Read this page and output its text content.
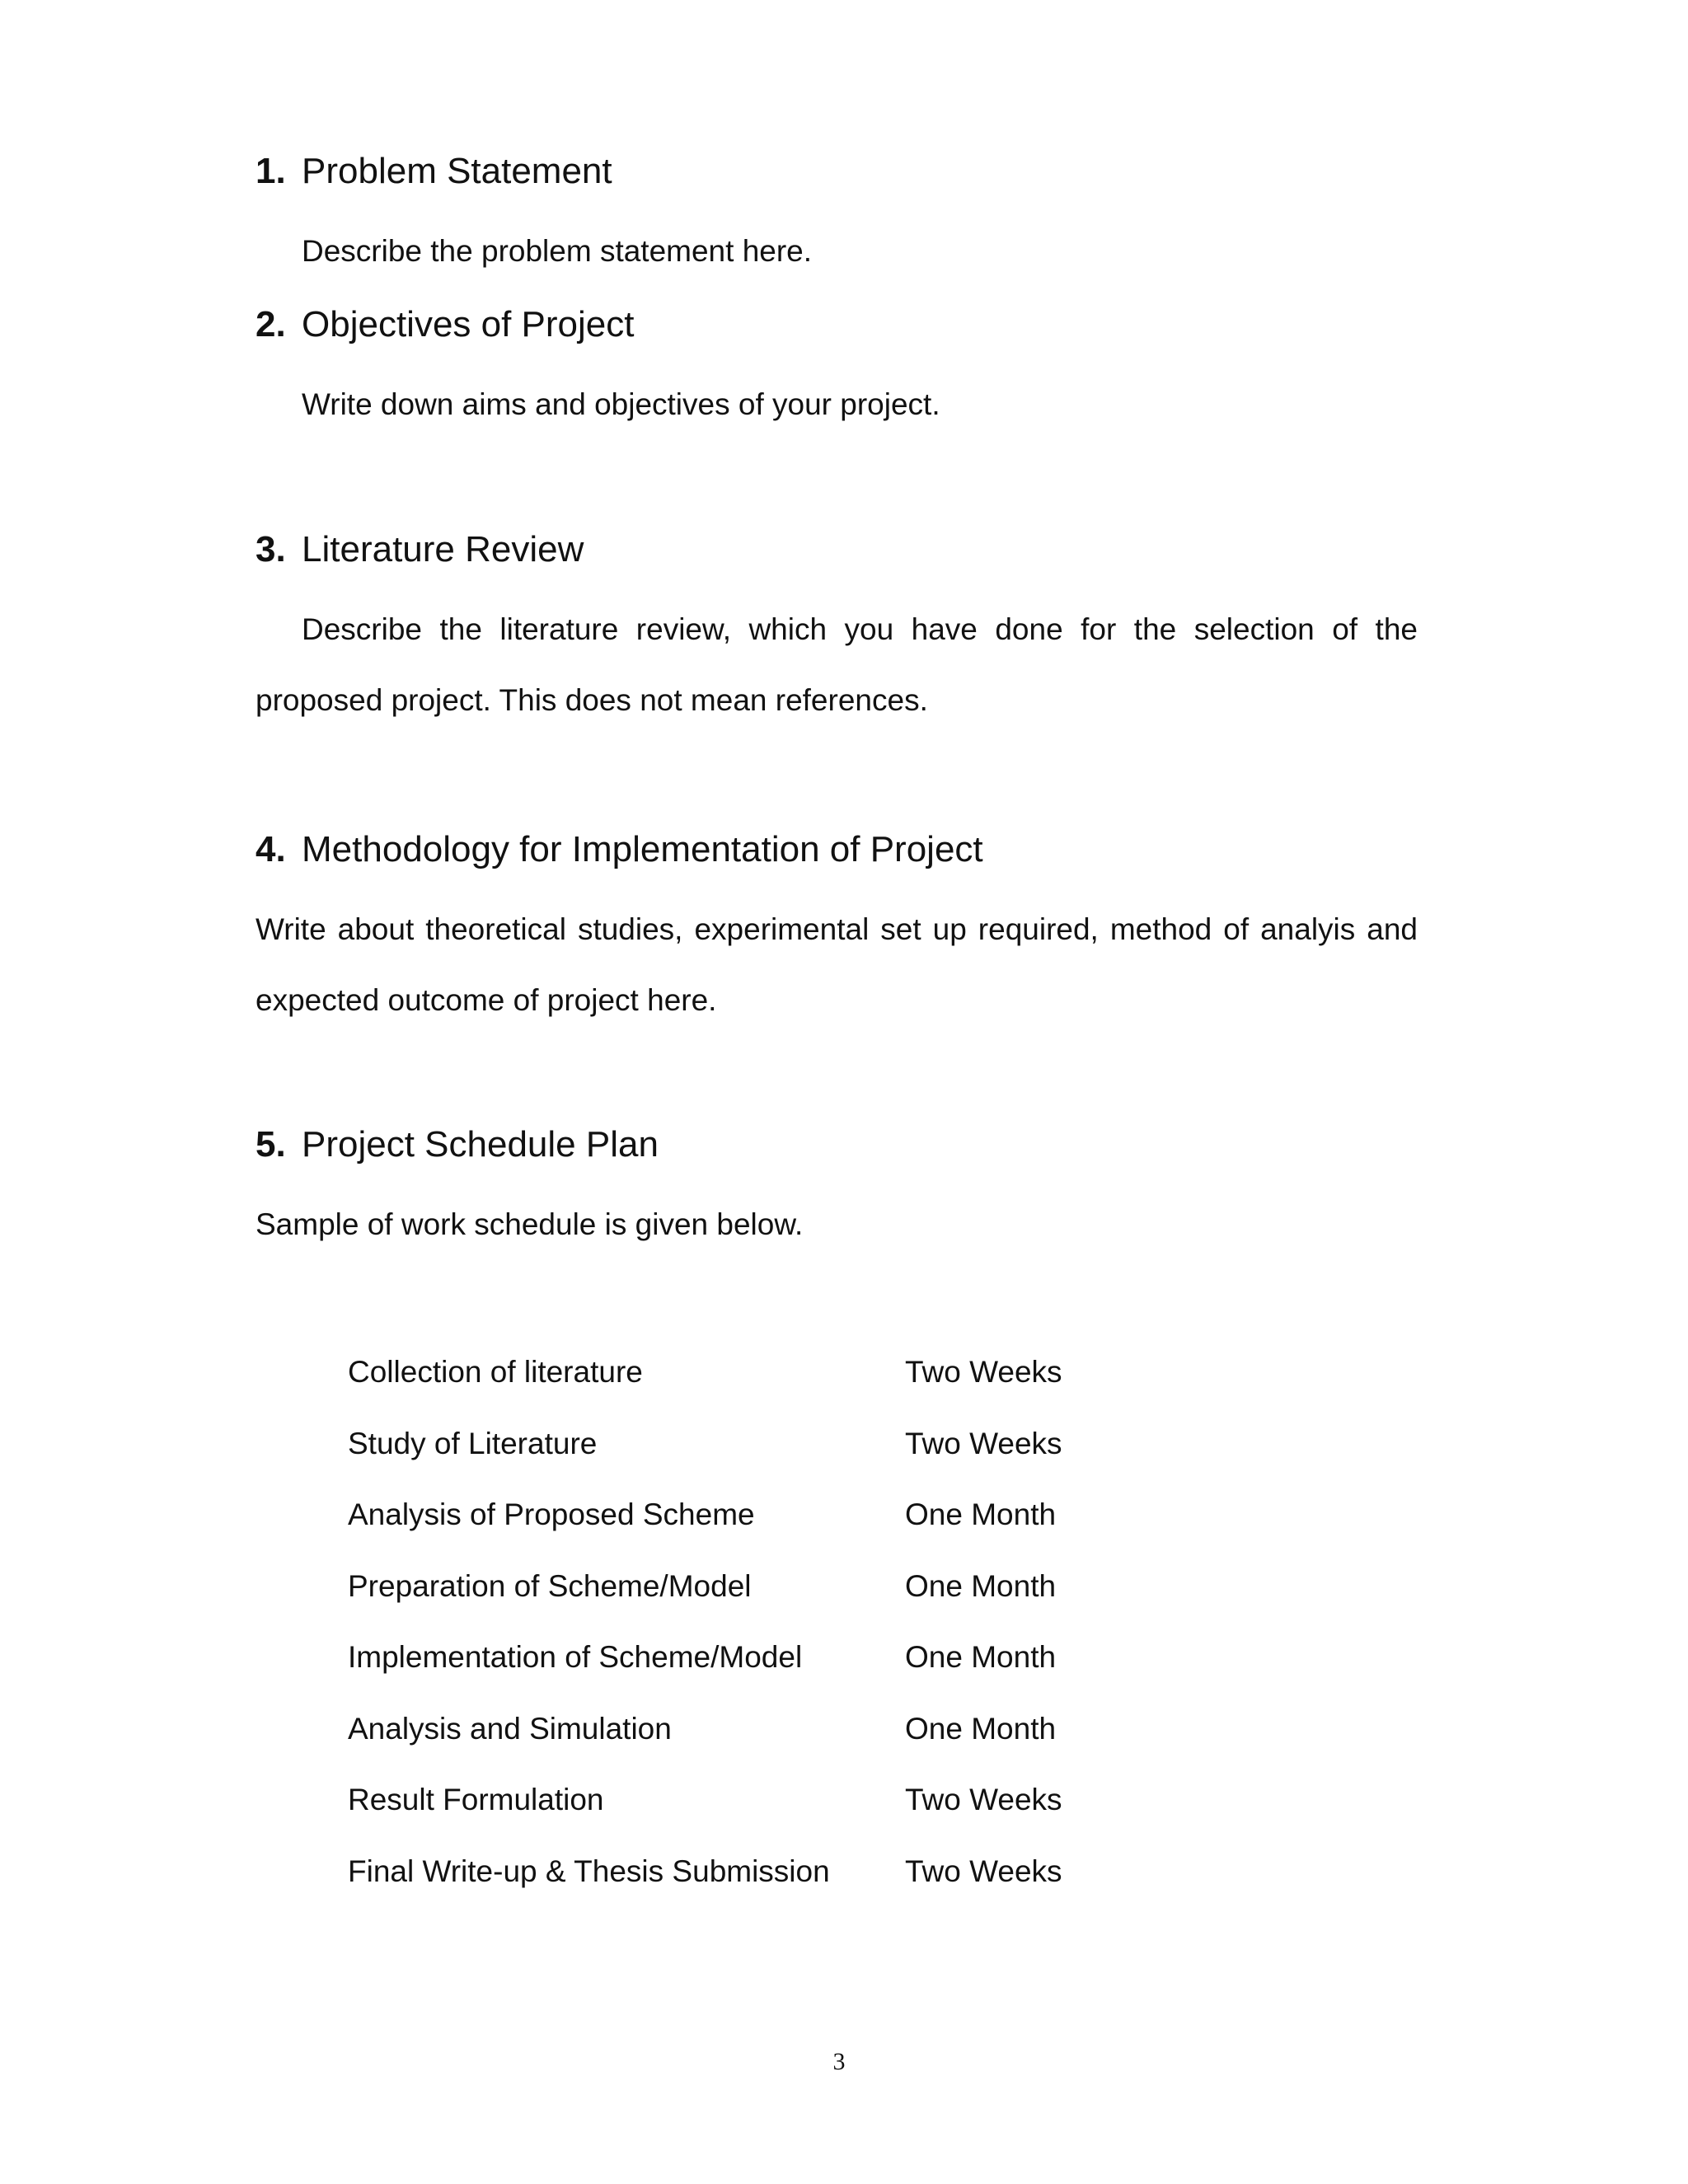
1. Problem Statement
Describe the problem statement here.
2. Objectives of Project
Write down aims and objectives of your project.
3. Literature Review
Describe the literature review, which you have done for the selection of the proposed project. This does not mean references.
4. Methodology for Implementation of Project
Write about theoretical studies, experimental set up required, method of analyis and expected outcome of project here.
5. Project Schedule Plan
Sample of work schedule is given below.
Collection of literature	Two Weeks
Study of Literature	Two Weeks
Analysis of Proposed Scheme	One Month
Preparation of Scheme/Model	One Month
Implementation of Scheme/Model	One Month
Analysis and Simulation	One Month
Result Formulation	Two Weeks
Final Write-up & Thesis Submission Two Weeks
3
